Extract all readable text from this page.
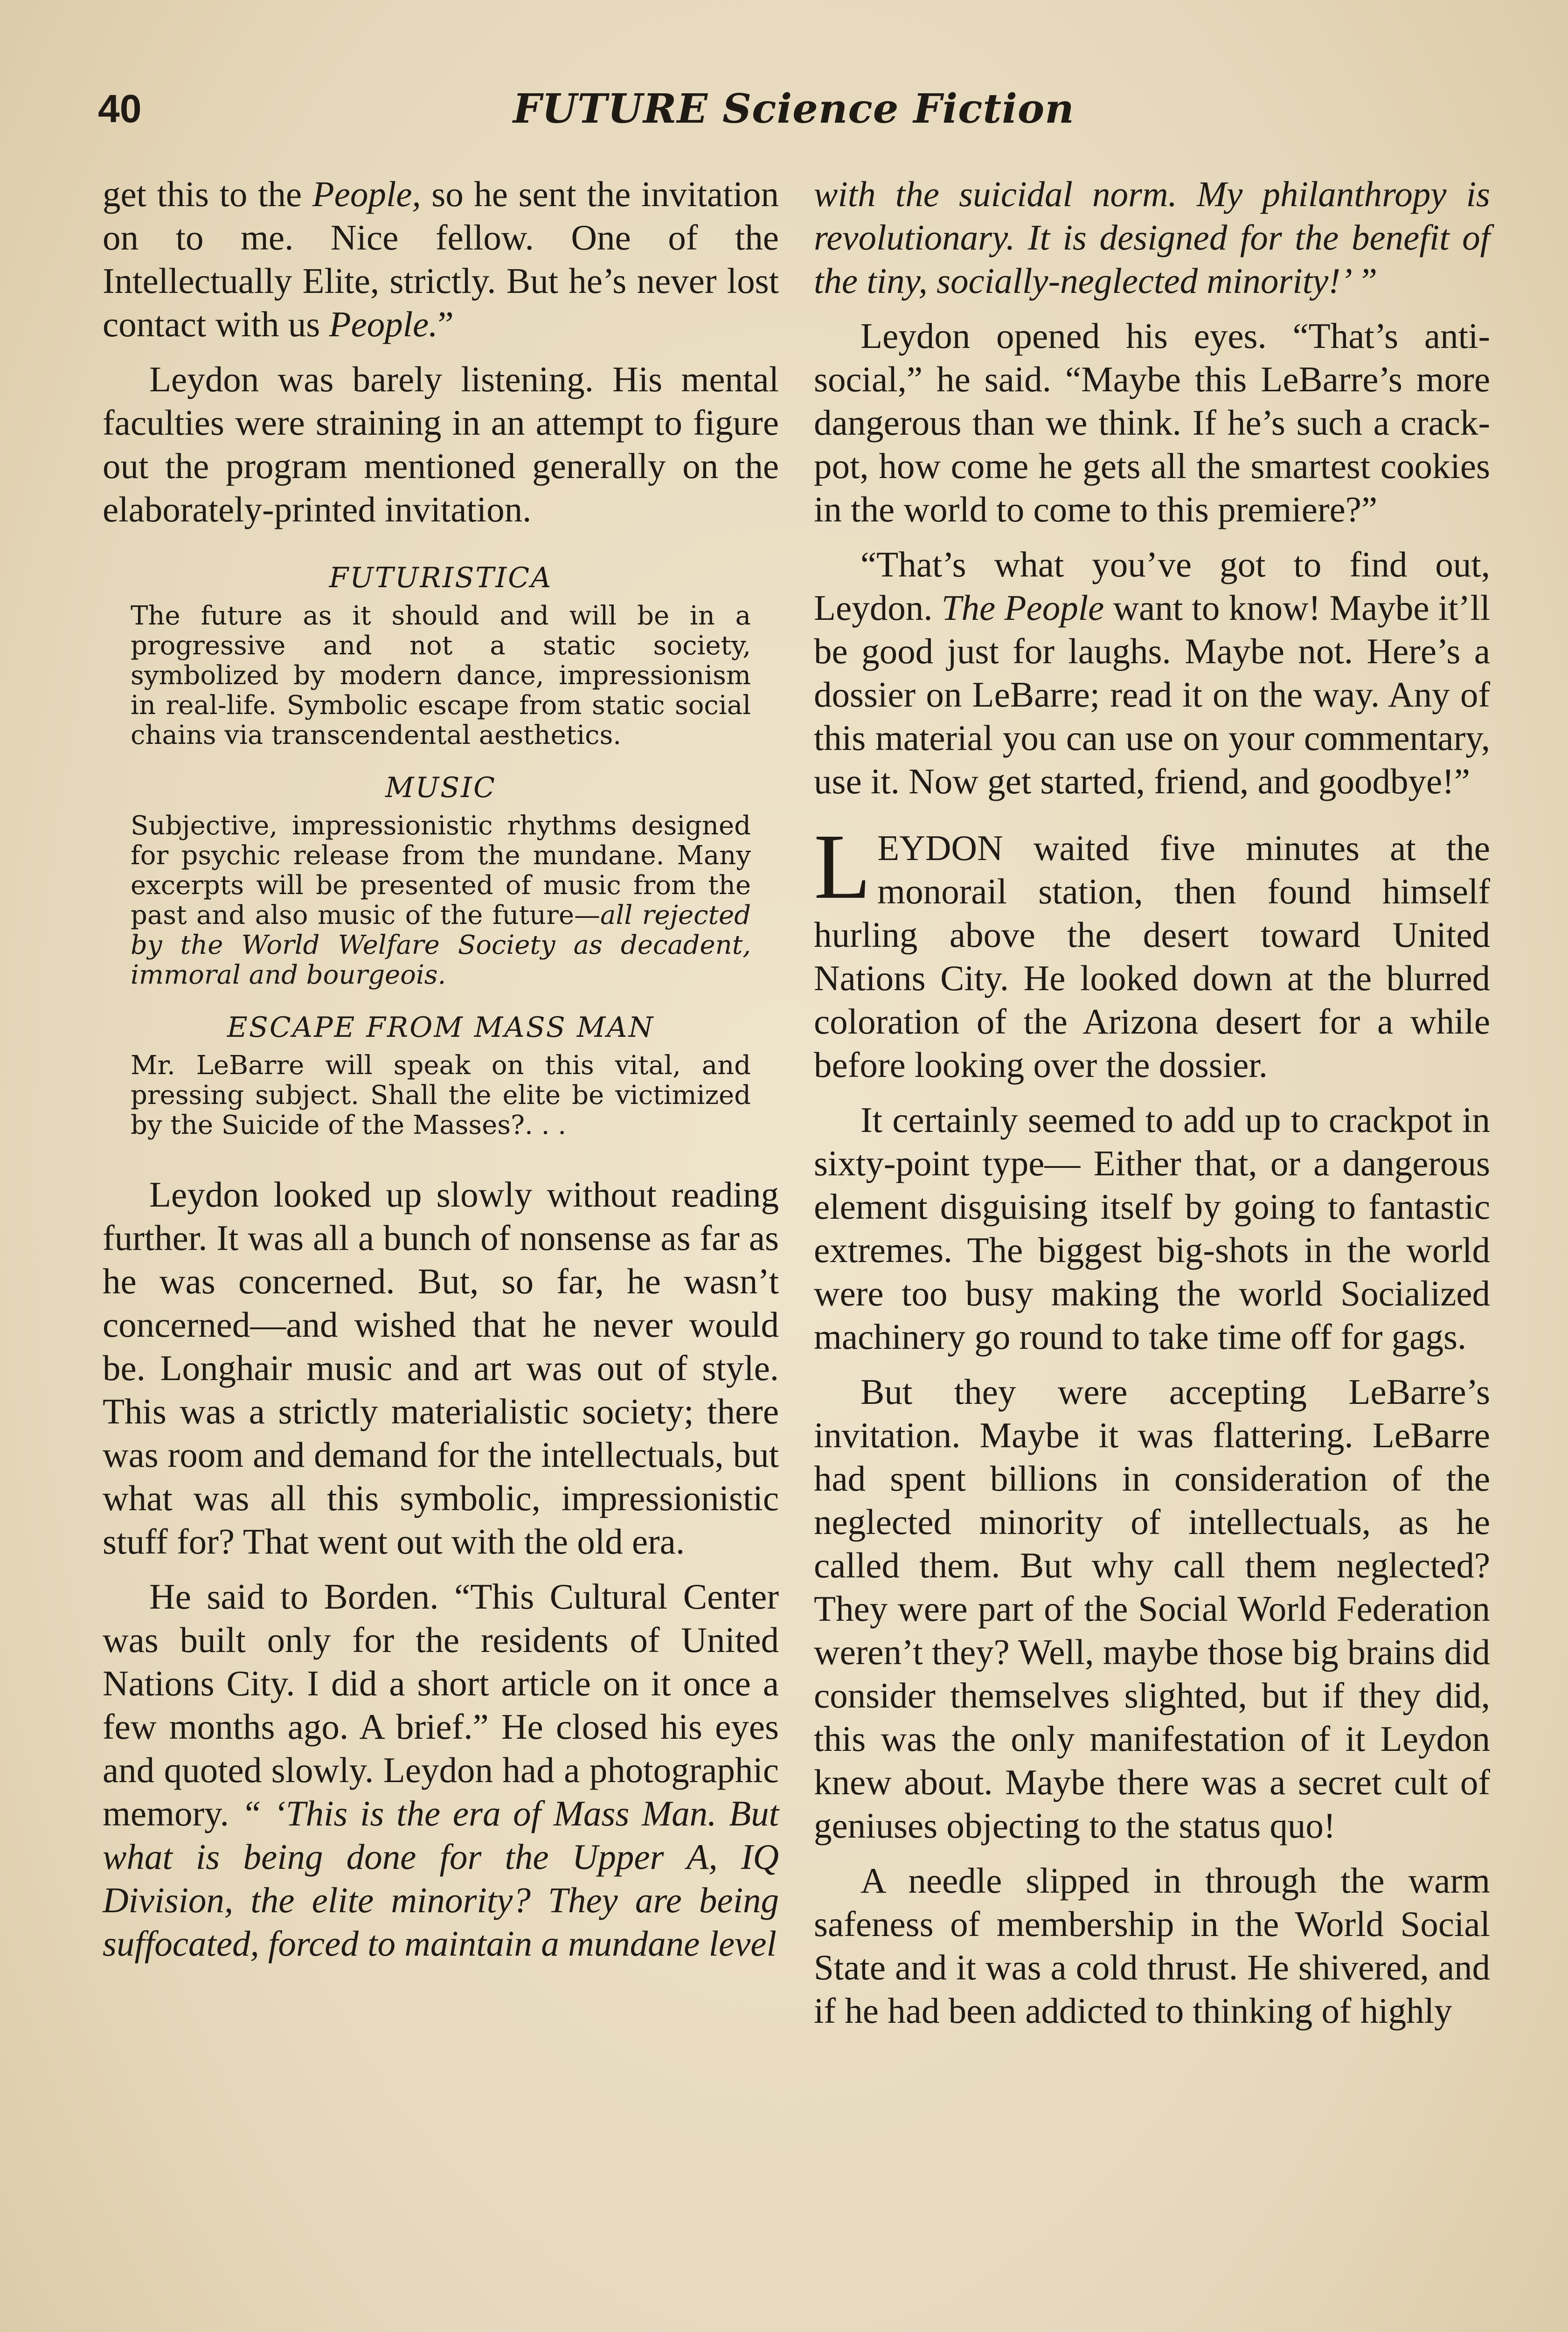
40	FUTURE Science Fiction

get this to the People, so he sent the invitation on to me. Nice fellow. One of the Intellectually Elite, strictly. But he’s never lost contact with us People.”

Leydon was barely listening. His mental faculties were straining in an attempt to figure out the program mentioned generally on the elaborately-printed invitation.

FUTURISTICA
The future as it should and will be in a progressive and not a static society, symbolized by modern dance, impressionism in real-life. Symbolic escape from static social chains via transcendental aesthetics.
MUSIC
Subjective, impressionistic rhythms designed for psychic release from the mundane. Many excerpts will be presented of music from the past and also music of the future—all rejected by the World Welfare Society as decadent, immoral and bourgeois.
ESCAPE FROM MASS MAN
Mr. LeBarre will speak on this vital, and pressing subject. Shall the elite be victimized by the Suicide of the Masses?. . .

Leydon looked up slowly without reading further. It was all a bunch of nonsense as far as he was concerned. But, so far, he wasn’t concerned—and wished that he never would be. Longhair music and art was out of style. This was a strictly materialistic society; there was room and demand for the intellectuals, but what was all this symbolic, impressionistic stuff for? That went out with the old era.

He said to Borden. “This Cultural Center was built only for the residents of United Nations City. I did a short article on it once a few months ago. A brief.” He closed his eyes and quoted slowly. Leydon had a photographic memory. “ ‘This is the era of Mass Man. But what is being done for the Upper A, IQ Division, the elite minority? They are being suffocated, forced to maintain a mundane level

with the suicidal norm. My philanthropy is revolutionary. It is designed for the benefit of the tiny, socially-neglected minority!’ ”

Leydon opened his eyes. “That’s anti-social,” he said. “Maybe this LeBarre’s more dangerous than we think. If he’s such a crack-pot, how come he gets all the smartest cookies in the world to come to this premiere?”

“That’s what you’ve got to find out, Leydon. The People want to know! Maybe it’ll be good just for laughs. Maybe not. Here’s a dossier on LeBarre; read it on the way. Any of this material you can use on your commentary, use it. Now get started, friend, and goodbye!”

LEYDON waited five minutes at the monorail station, then found himself hurling above the desert toward United Nations City. He looked down at the blurred coloration of the Arizona desert for a while before looking over the dossier.

It certainly seemed to add up to crackpot in sixty-point type— Either that, or a dangerous element disguising itself by going to fantastic extremes. The biggest big-shots in the world were too busy making the world Socialized machinery go round to take time off for gags.

But they were accepting LeBarre’s invitation. Maybe it was flattering. LeBarre had spent billions in consideration of the neglected minority of intellectuals, as he called them. But why call them neglected? They were part of the Social World Federation weren’t they? Well, maybe those big brains did consider themselves slighted, but if they did, this was the only manifestation of it Leydon knew about. Maybe there was a secret cult of geniuses objecting to the status quo!

A needle slipped in through the warm safeness of membership in the World Social State and it was a cold thrust. He shivered, and if he had been addicted to thinking of highly
